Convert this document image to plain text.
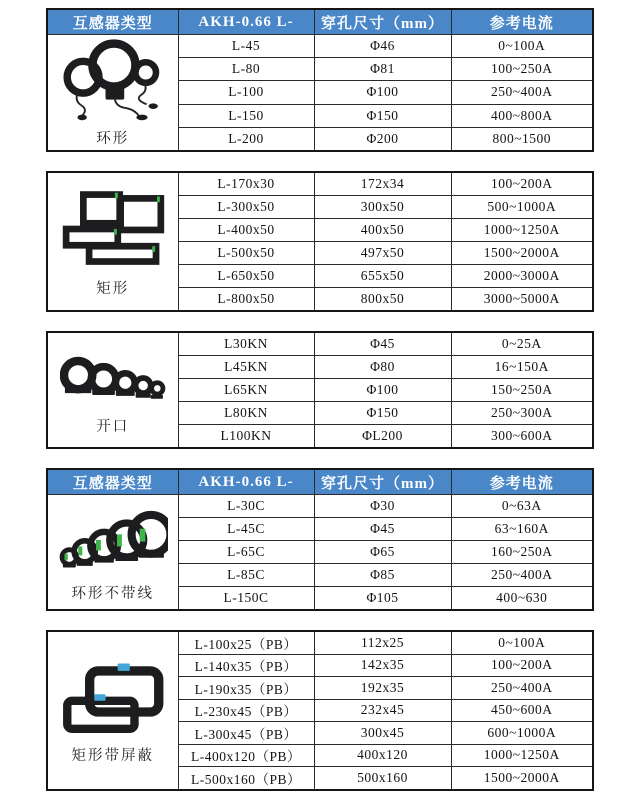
互感器类型	AKH-0.66 L-	穿孔尺寸（mm）	参考电流

环形	L-45	Φ46	0~100A
	L-80	Φ81	100~250A
	L-100	Φ100	250~400A
	L-150	Φ150	400~800A
	L-200	Φ200	800~1500
矩形	L-170x30	172x34	100~200A
	L-300x50	300x50	500~1000A
	L-400x50	400x50	1000~1250A
	L-500x50	497x50	1500~2000A
	L-650x50	655x50	2000~3000A
	L-800x50	800x50	3000~5000A
开口	L30KN	Φ45	0~25A
	L45KN	Φ80	16~150A
	L65KN	Φ100	150~250A
	L80KN	Φ150	250~300A
	L100KN	ΦL200	300~600A
互感器类型	AKH-0.66 L-	穿孔尺寸（mm）	参考电流

环形不带线	L-30C	Φ30	0~63A
	L-45C	Φ45	63~160A
	L-65C	Φ65	160~250A
	L-85C	Φ85	250~400A
	L-150C	Φ105	400~630
矩形带屏蔽	L-100x25（PB）	112x25	0~100A
	L-140x35（PB）	142x35	100~200A
	L-190x35（PB）	192x35	250~400A
	L-230x45（PB）	232x45	450~600A
	L-300x45（PB）	300x45	600~1000A
	L-400x120（PB）	400x120	1000~1250A
	L-500x160（PB）	500x160	1500~2000A
